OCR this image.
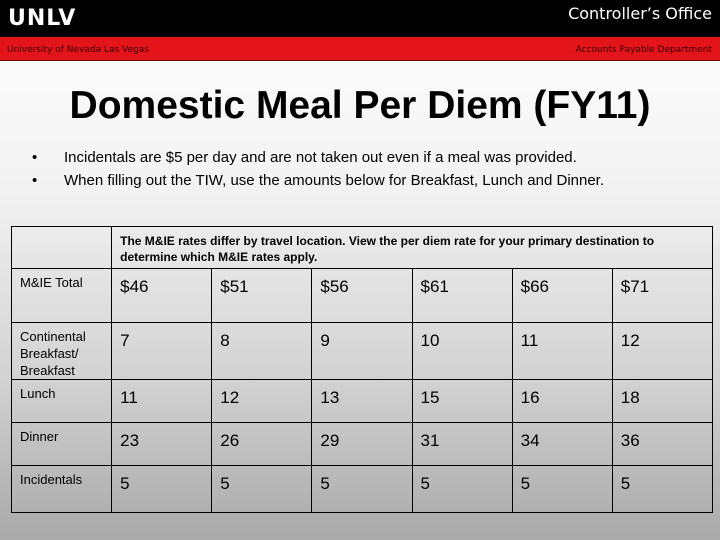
UNLV	Controller’s Office
University of Nevada Las Vegas	Accounts Payable Department
Domestic Meal Per Diem (FY11)
• Incidentals are $5 per day and are not taken out even if a meal was provided.
• When filling out the TIW, use the amounts below for Breakfast, Lunch and Dinner.
	The M&IE rates differ by travel location. View the per diem rate for your primary destination to determine which M&IE rates apply.					
M&IE Total	$46	$51	$56	$61	$66	$71
Continental Breakfast/ Breakfast	7	8	9	10	11	12
Lunch	11	12	13	15	16	18
Dinner	23	26	29	31	34	36
Incidentals	5	5	5	5	5	5
